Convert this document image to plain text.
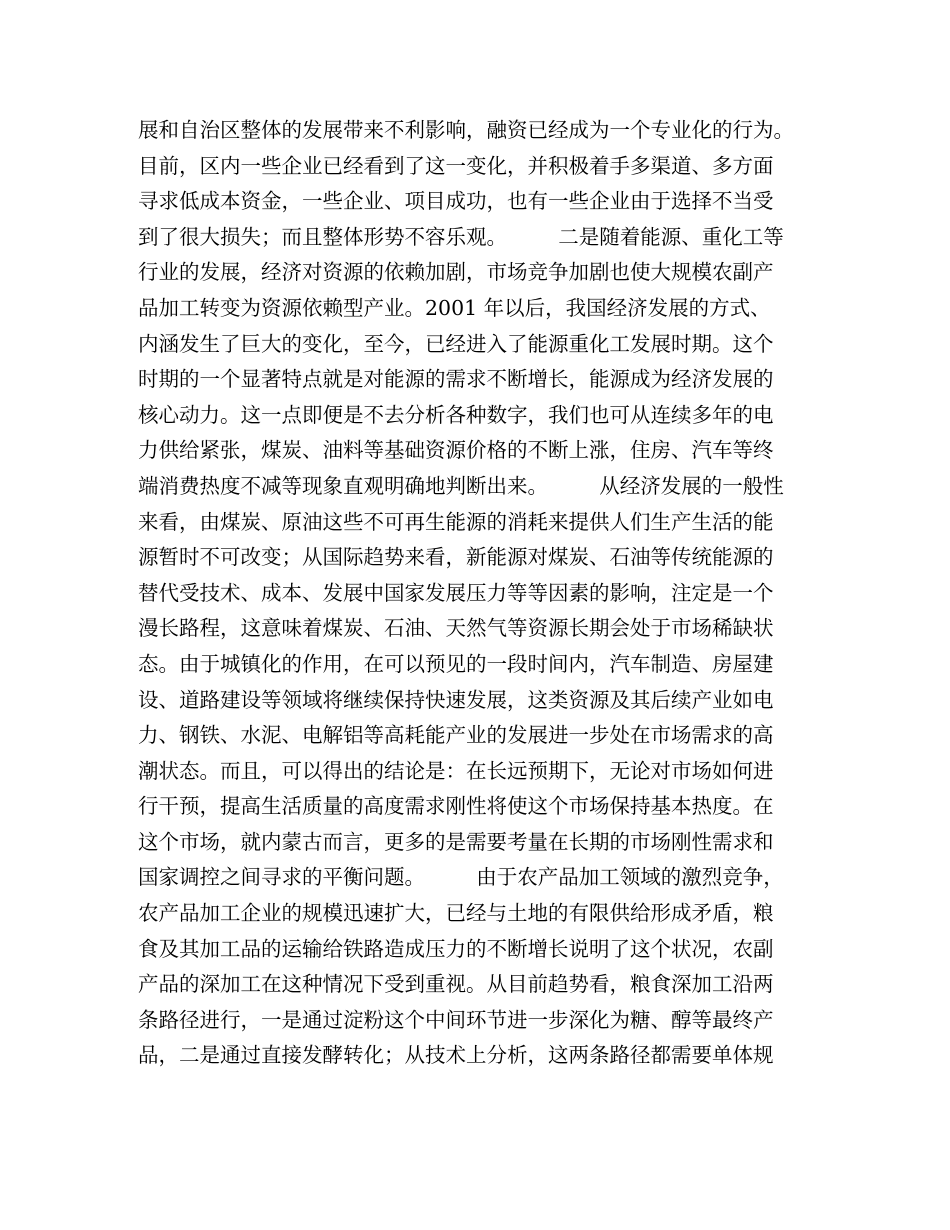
展和自治区整体的发展带来不利影响，融资已经成为一个专业化的行为。
目前，区内一些企业已经看到了这一变化，并积极着手多渠道、多方面
寻求低成本资金，一些企业、项目成功，也有一些企业由于选择不当受
到了很大损失；而且整体形势不容乐观。　　　二是随着能源、重化工等
行业的发展，经济对资源的依赖加剧，市场竞争加剧也使大规模农副产
品加工转变为资源依赖型产业。2001 年以后，我国经济发展的方式、
内涵发生了巨大的变化，至今，已经进入了能源重化工发展时期。这个
时期的一个显著特点就是对能源的需求不断增长，能源成为经济发展的
核心动力。这一点即便是不去分析各种数字，我们也可从连续多年的电
力供给紧张，煤炭、油料等基础资源价格的不断上涨，住房、汽车等终
端消费热度不减等现象直观明确地判断出来。　　　从经济发展的一般性
来看，由煤炭、原油这些不可再生能源的消耗来提供人们生产生活的能
源暂时不可改变；从国际趋势来看，新能源对煤炭、石油等传统能源的
替代受技术、成本、发展中国家发展压力等等因素的影响，注定是一个
漫长路程，这意味着煤炭、石油、天然气等资源长期会处于市场稀缺状
态。由于城镇化的作用，在可以预见的一段时间内，汽车制造、房屋建
设、道路建设等领域将继续保持快速发展，这类资源及其后续产业如电
力、钢铁、水泥、电解铝等高耗能产业的发展进一步处在市场需求的高
潮状态。而且，可以得出的结论是：在长远预期下，无论对市场如何进
行干预，提高生活质量的高度需求刚性将使这个市场保持基本热度。在
这个市场，就内蒙古而言，更多的是需要考量在长期的市场刚性需求和
国家调控之间寻求的平衡问题。　　　由于农产品加工领域的激烈竞争，
农产品加工企业的规模迅速扩大，已经与土地的有限供给形成矛盾，粮
食及其加工品的运输给铁路造成压力的不断增长说明了这个状况，农副
产品的深加工在这种情况下受到重视。从目前趋势看，粮食深加工沿两
条路径进行，一是通过淀粉这个中间环节进一步深化为糖、醇等最终产
品，二是通过直接发酵转化；从技术上分析，这两条路径都需要单体规
